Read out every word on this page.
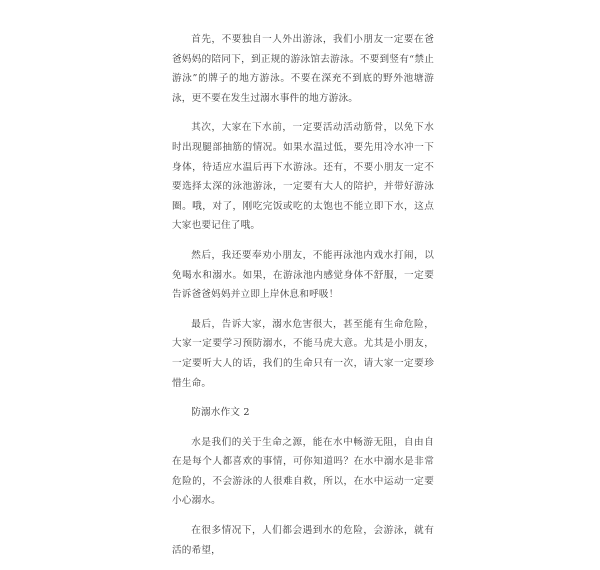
首先，不要独自一人外出游泳，我们小朋友一定要在爸爸妈妈的陪同下，到正规的游泳馆去游泳。不要到竖有“禁止游泳”的牌子的地方游泳。不要在深充不到底的野外池塘游泳，更不要在发生过溺水事件的地方游泳。

其次，大家在下水前，一定要活动活动筋骨，以免下水时出现腿部抽筋的情况。如果水温过低，要先用冷水冲一下身体，待适应水温后再下水游泳。还有，不要小朋友一定不要选择太深的泳池游泳，一定要有大人的陪护，并带好游泳圈。哦，对了，刚吃完饭或吃的太饱也不能立即下水，这点大家也要记住了哦。

然后，我还要奉劝小朋友，不能再泳池内戏水打闹，以免喝水和溺水。如果，在游泳池内感觉身体不舒服，一定要告诉爸爸妈妈并立即上岸休息和呼吸！

最后，告诉大家，溺水危害很大，甚至能有生命危险，大家一定要学习预防溺水，不能马虎大意。尤其是小朋友，一定要听大人的话，我们的生命只有一次，请大家一定要珍惜生命。

防溺水作文 2

水是我们的关于生命之源，能在水中畅游无阻，自由自在是每个人都喜欢的事情，可你知道吗？在水中溺水是非常危险的，不会游泳的人很难自救，所以，在水中运动一定要小心溺水。

在很多情况下，人们都会遇到水的危险，会游泳，就有活的希望，
